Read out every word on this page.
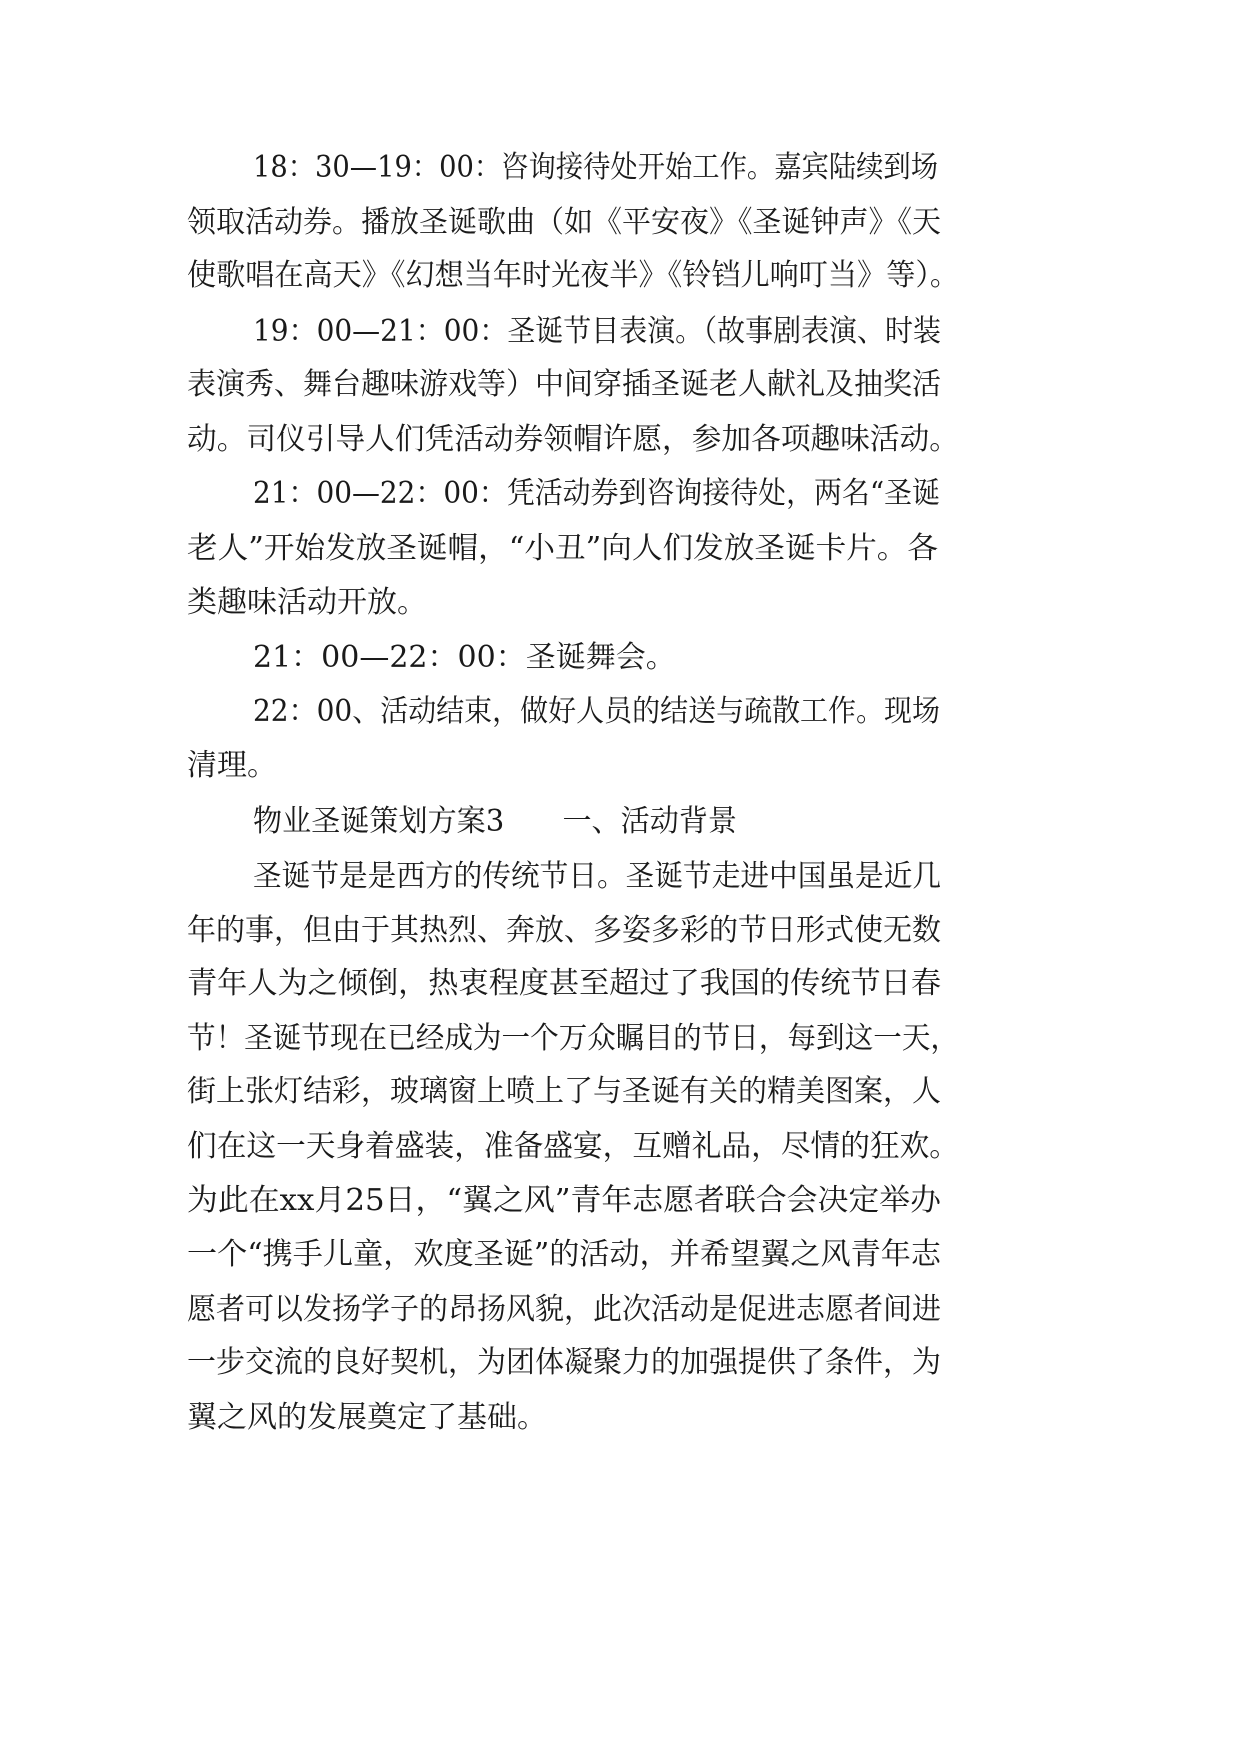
18：30—19：00：咨询接待处开始工作。嘉宾陆续到场
领取活动券。播放圣诞歌曲（如《平安夜》《圣诞钟声》《天
使歌唱在高天》《幻想当年时光夜半》《铃铛儿响叮当》等）。
19：00—21：00：圣诞节目表演。（故事剧表演、时装
表演秀、舞台趣味游戏等）中间穿插圣诞老人献礼及抽奖活
动。司仪引导人们凭活动券领帽许愿，参加各项趣味活动。
21：00—22：00：凭活动券到咨询接待处，两名“圣诞
老人”开始发放圣诞帽，“小丑”向人们发放圣诞卡片。各
类趣味活动开放。
21：00—22：00：圣诞舞会。
22：00、活动结束，做好人员的结送与疏散工作。现场
清理。
物业圣诞策划方案3　　一、活动背景
圣诞节是是西方的传统节日。圣诞节走进中国虽是近几
年的事，但由于其热烈、奔放、多姿多彩的节日形式使无数
青年人为之倾倒，热衷程度甚至超过了我国的传统节日春
节！圣诞节现在已经成为一个万众瞩目的节日，每到这一天，
街上张灯结彩，玻璃窗上喷上了与圣诞有关的精美图案，人
们在这一天身着盛装，准备盛宴，互赠礼品，尽情的狂欢。
为此在xx月25日，“翼之风”青年志愿者联合会决定举办
一个“携手儿童，欢度圣诞”的活动，并希望翼之风青年志
愿者可以发扬学子的昂扬风貌，此次活动是促进志愿者间进
一步交流的良好契机，为团体凝聚力的加强提供了条件，为
翼之风的发展奠定了基础。
